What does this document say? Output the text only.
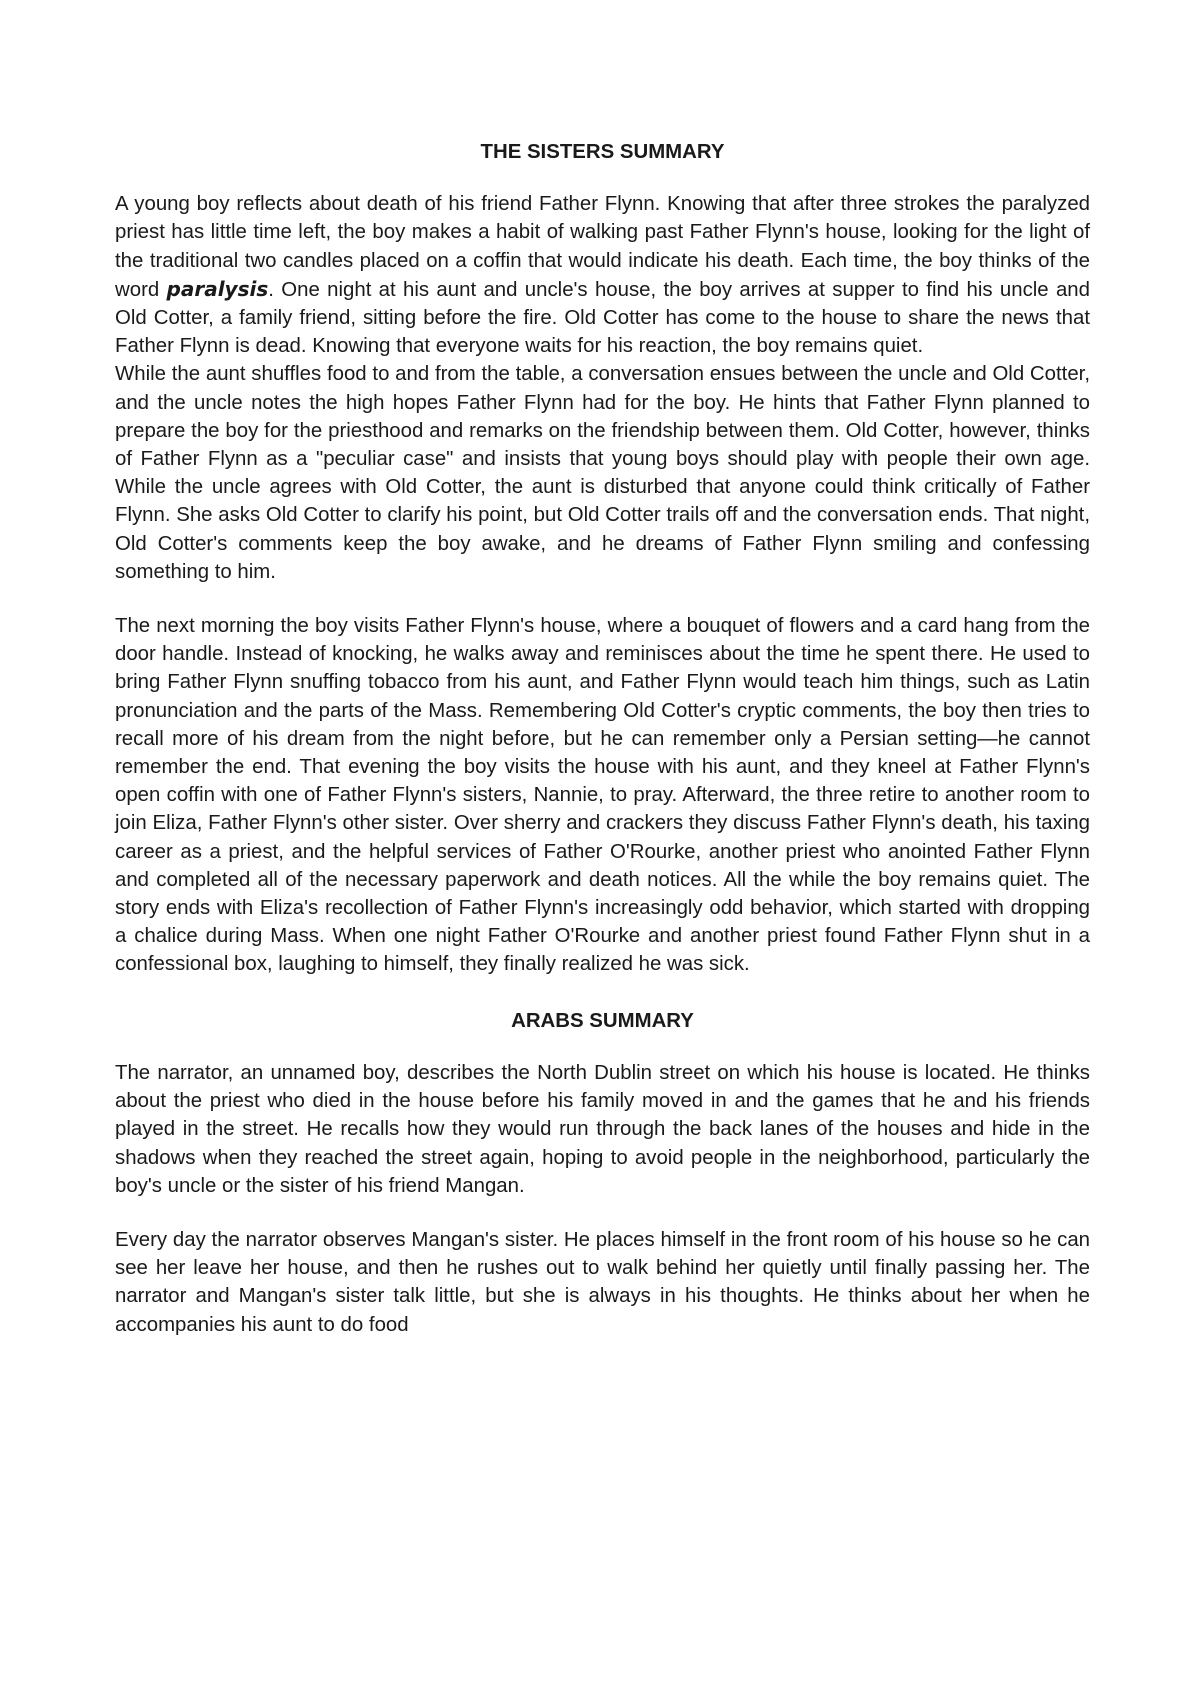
THE SISTERS SUMMARY

A young boy reflects about death of his friend Father Flynn. Knowing that after three strokes the paralyzed priest has little time left, the boy makes a habit of walking past Father Flynn's house, looking for the light of the traditional two candles placed on a coffin that would indicate his death. Each time, the boy thinks of the word paralysis. One night at his aunt and uncle's house, the boy arrives at supper to find his uncle and Old Cotter, a family friend, sitting before the fire. Old Cotter has come to the house to share the news that Father Flynn is dead. Knowing that everyone waits for his reaction, the boy remains quiet.

While the aunt shuffles food to and from the table, a conversation ensues between the uncle and Old Cotter, and the uncle notes the high hopes Father Flynn had for the boy. He hints that Father Flynn planned to prepare the boy for the priesthood and remarks on the friendship between them. Old Cotter, however, thinks of Father Flynn as a "peculiar case" and insists that young boys should play with people their own age. While the uncle agrees with Old Cotter, the aunt is disturbed that anyone could think critically of Father Flynn. She asks Old Cotter to clarify his point, but Old Cotter trails off and the conversation ends. That night, Old Cotter's comments keep the boy awake, and he dreams of Father Flynn smiling and confessing something to him.

The next morning the boy visits Father Flynn's house, where a bouquet of flowers and a card hang from the door handle. Instead of knocking, he walks away and reminisces about the time he spent there. He used to bring Father Flynn snuffing tobacco from his aunt, and Father Flynn would teach him things, such as Latin pronunciation and the parts of the Mass. Remembering Old Cotter's cryptic comments, the boy then tries to recall more of his dream from the night before, but he can remember only a Persian setting—he cannot remember the end. That evening the boy visits the house with his aunt, and they kneel at Father Flynn's open coffin with one of Father Flynn's sisters, Nannie, to pray. Afterward, the three retire to another room to join Eliza, Father Flynn's other sister. Over sherry and crackers they discuss Father Flynn's death, his taxing career as a priest, and the helpful services of Father O'Rourke, another priest who anointed Father Flynn and completed all of the necessary paperwork and death notices. All the while the boy remains quiet. The story ends with Eliza's recollection of Father Flynn's increasingly odd behavior, which started with dropping a chalice during Mass. When one night Father O'Rourke and another priest found Father Flynn shut in a confessional box, laughing to himself, they finally realized he was sick.

ARABS SUMMARY

The narrator, an unnamed boy, describes the North Dublin street on which his house is located. He thinks about the priest who died in the house before his family moved in and the games that he and his friends played in the street. He recalls how they would run through the back lanes of the houses and hide in the shadows when they reached the street again, hoping to avoid people in the neighborhood, particularly the boy's uncle or the sister of his friend Mangan.

Every day the narrator observes Mangan's sister. He places himself in the front room of his house so he can see her leave her house, and then he rushes out to walk behind her quietly until finally passing her. The narrator and Mangan's sister talk little, but she is always in his thoughts. He thinks about her when he accompanies his aunt to do food
